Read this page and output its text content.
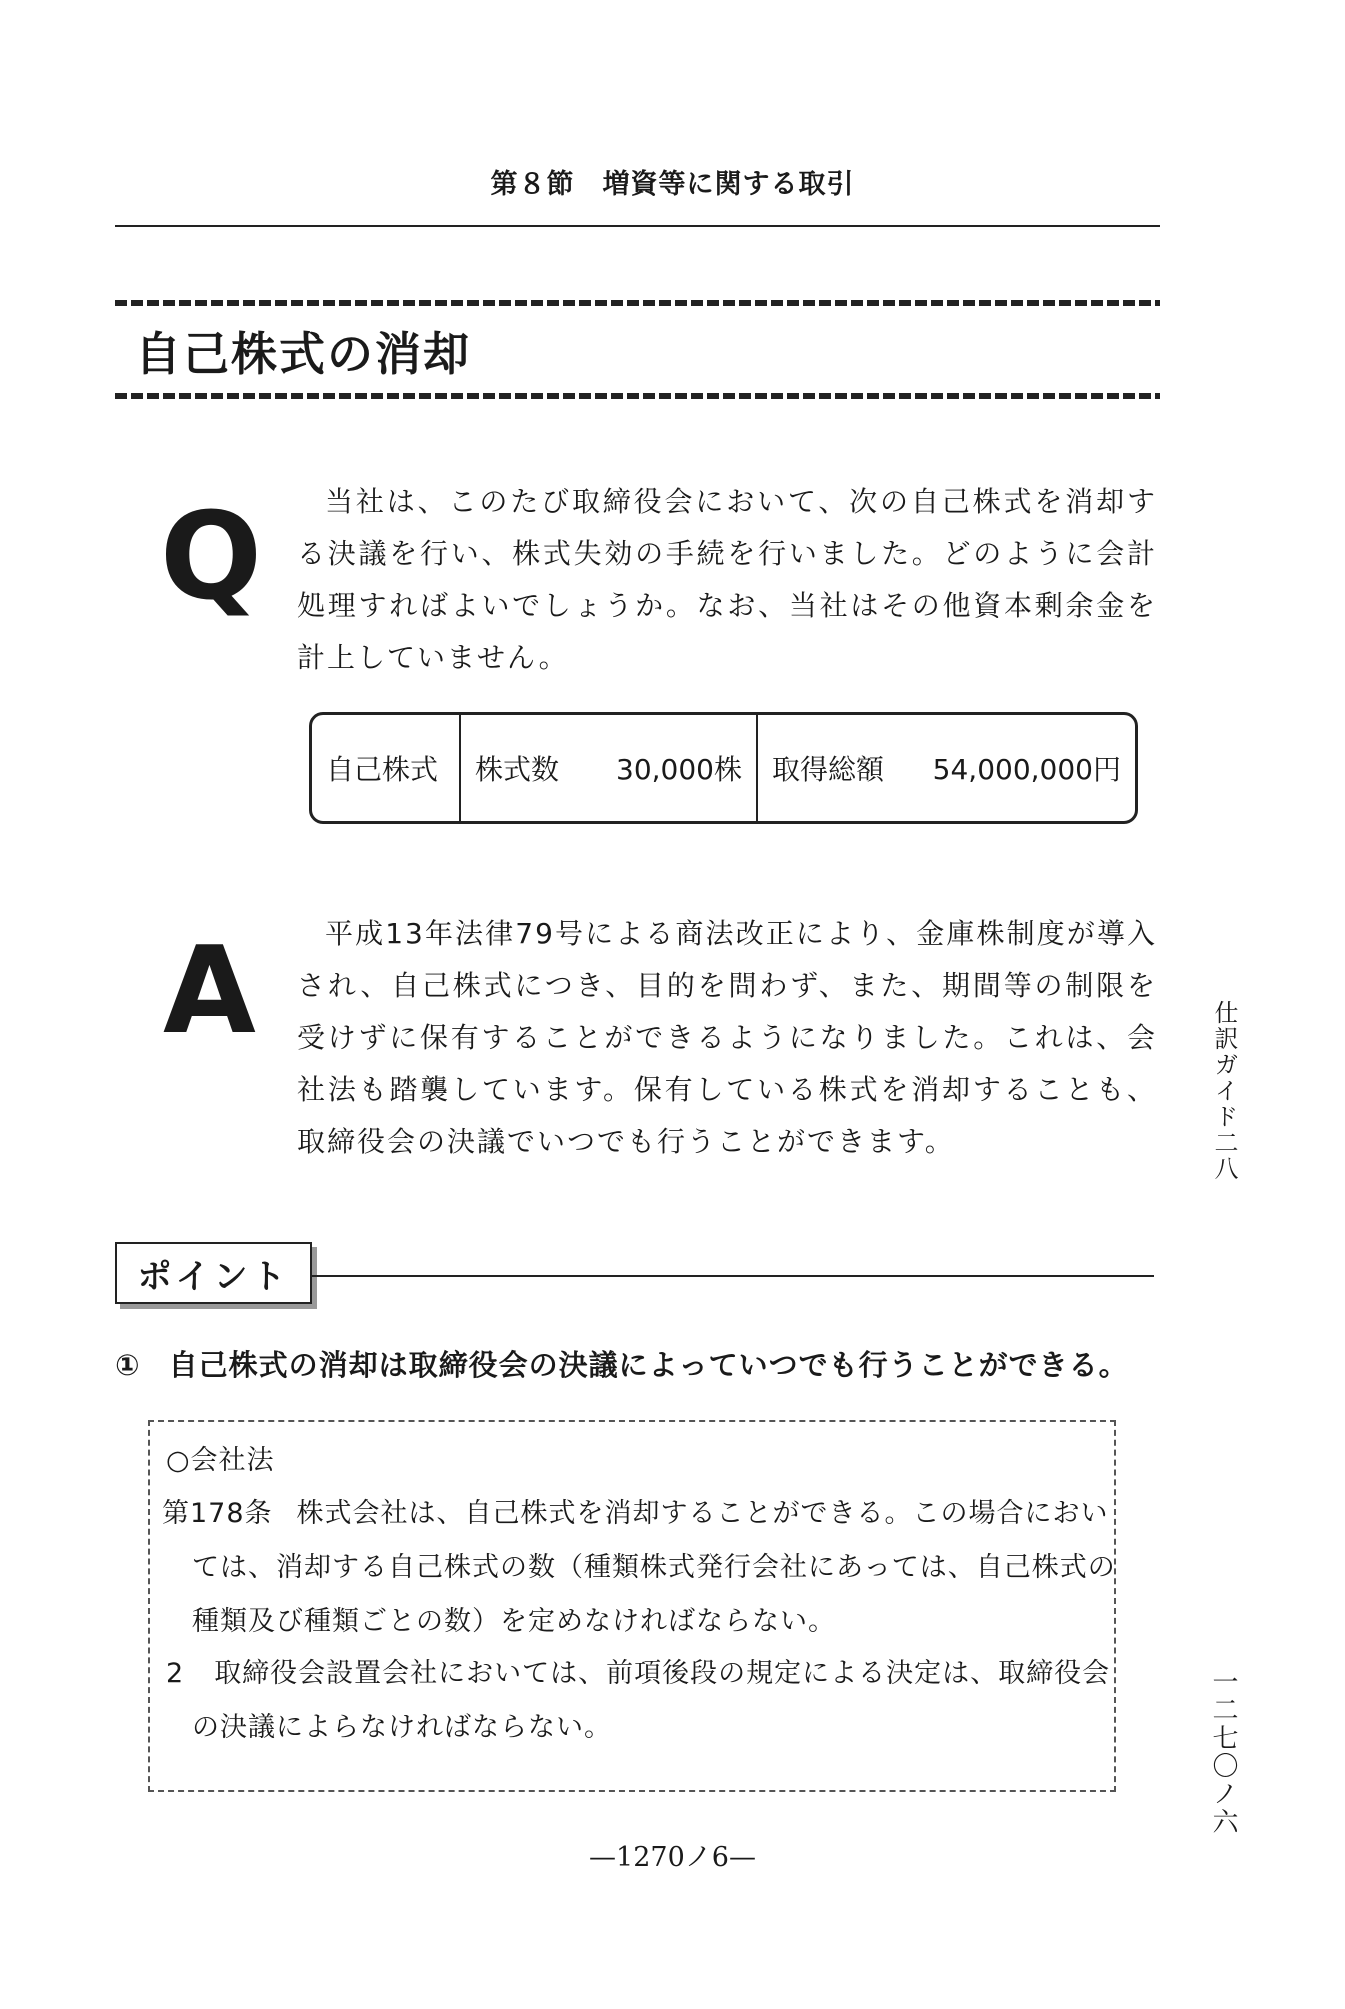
第８節　増資等に関する取引
自己株式の消却
Q	当社は、このたび取締役会において、次の自己株式を消却する決議を行い、株式失効の手続を行いました。どのように会計処理すればよいでしょうか。なお、当社はその他資本剰余金を計上していません。
自己株式 株式数 30,000株 取得総額 54,000,000円
A	平成13年法律79号による商法改正により、金庫株制度が導入され、自己株式につき、目的を問わず、また、期間等の制限を受けずに保有することができるようになりました。これは、会社法も踏襲しています。保有している株式を消却することも、取締役会の決議でいつでも行うことができます。
ポイント
① 自己株式の消却は取締役会の決議によっていつでも行うことができる。
○会社法
第178条 株式会社は、自己株式を消却することができる。この場合におい
ては、消却する自己株式の数（種類株式発行会社にあっては、自己株式の
種類及び種類ごとの数）を定めなければならない。
2 取締役会設置会社においては、前項後段の規定による決定は、取締役会
の決議によらなければならない。
仕訳ガイド二八
一二七〇ノ六
—1270ノ6—
